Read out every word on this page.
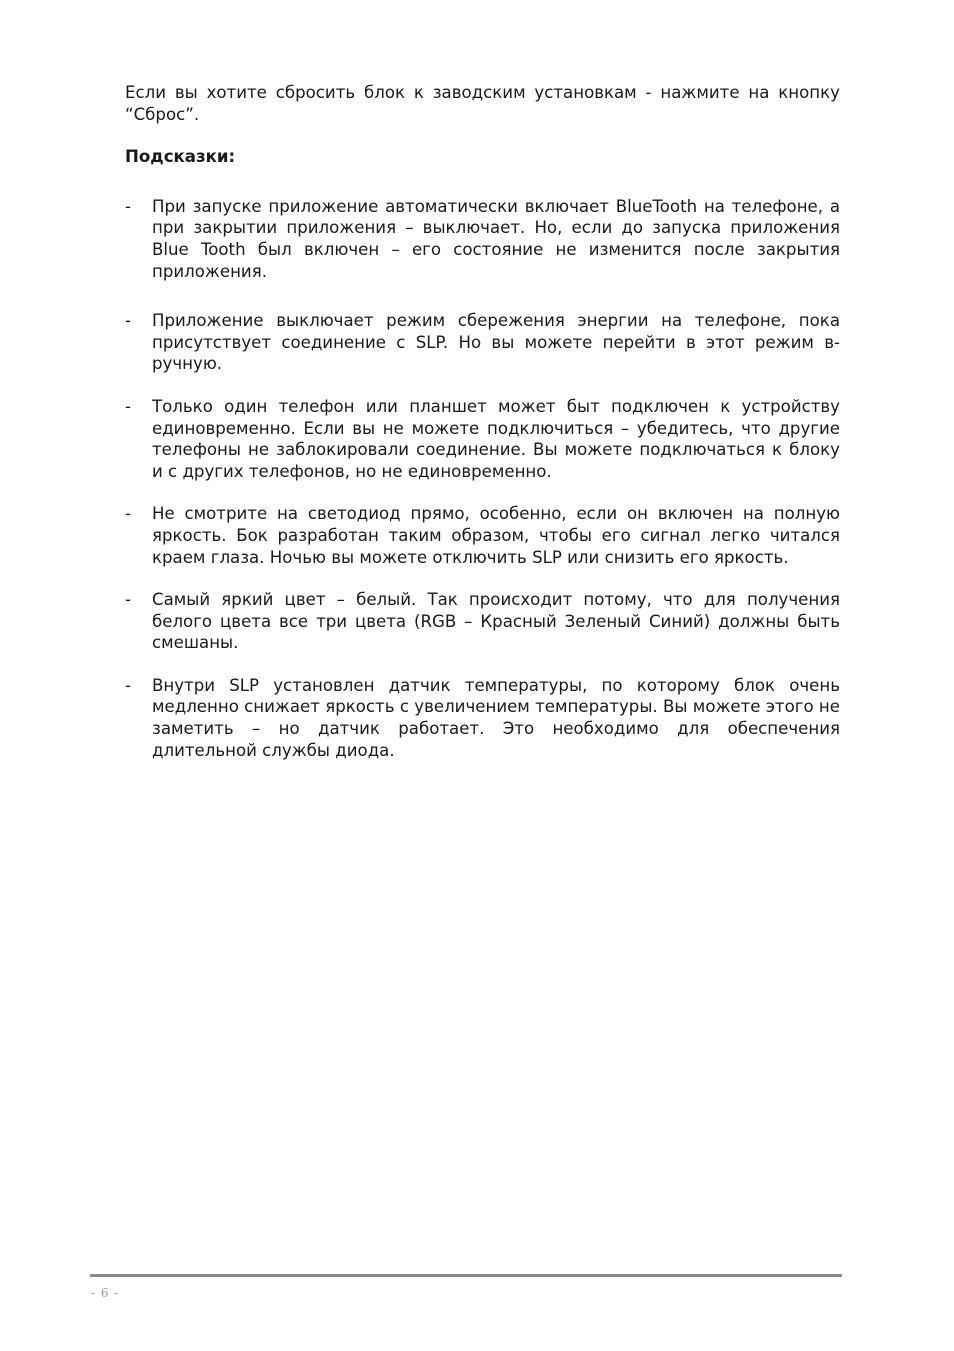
Если вы хотите сбросить блок к заводским установкам - нажмите на кнопку “Сброс”.

Подсказки:

- При запуске приложение автоматически включает BlueTooth на телефоне, а при закрытии приложения – выключает. Но, если до запуска приложения Blue Tooth был включен – его состояние не изменится после закрытия приложения.
- Приложение выключает режим сбережения энергии на телефоне, пока присутствует соединение с SLP. Но вы можете перейти в этот режим в-ручную.
- Только один телефон или планшет может быт подключен к устройству единовременно. Если вы не можете подключиться – убедитесь, что другие телефоны не заблокировали соединение. Вы можете подключаться к блоку и с других телефонов, но не единовременно.
- Не смотрите на светодиод прямо, особенно, если он включен на полную яркость. Бок разработан таким образом, чтобы его сигнал легко читался краем глаза. Ночью вы можете отключить SLP или снизить его яркость.
- Самый яркий цвет – белый. Так происходит потому, что для получения белого цвета все три цвета (RGB – Красный Зеленый Синий) должны быть смешаны.
- Внутри SLP установлен датчик температуры, по которому блок очень медленно снижает яркость с увеличением температуры. Вы можете этого не заметить – но датчик работает. Это необходимо для обеспечения длительной службы диода.
- 6 -
